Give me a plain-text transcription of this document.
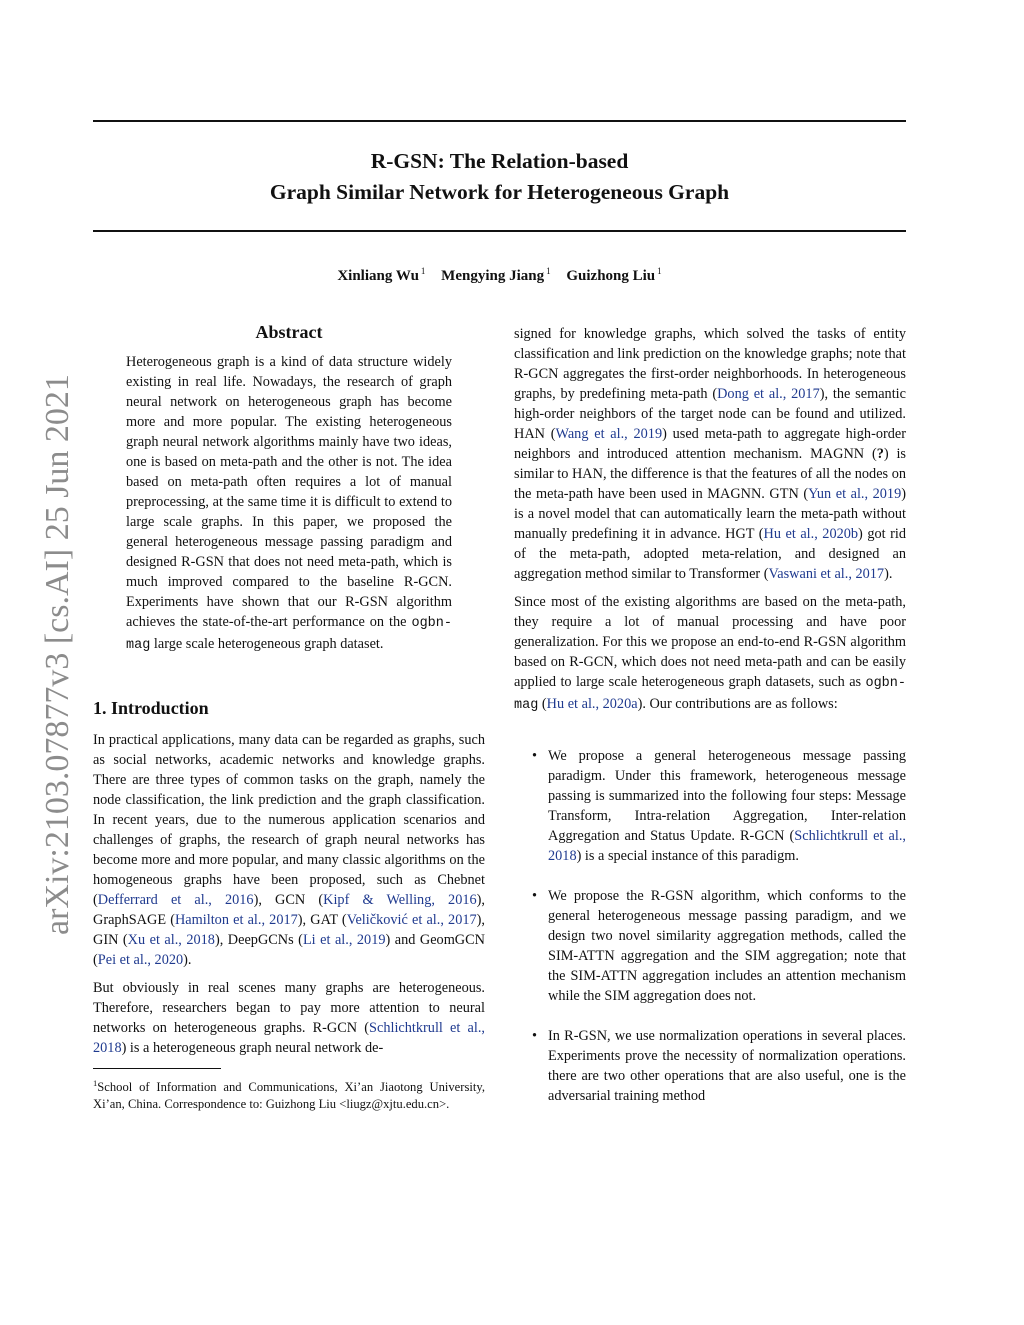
R-GSN: The Relation-based
Graph Similar Network for Heterogeneous Graph
Xinliang Wu $^1$ Mengying Jiang $^1$ Guizhong Liu $^1$
arXiv:2103.07877v3 [cs.AI] 25 Jun 2021
Abstract

Heterogeneous graph is a kind of data structure widely existing in real life. Nowadays, the research of graph neural network on heterogeneous graph has become more and more popular. The existing heterogeneous graph neural network algorithms mainly have two ideas, one is based on meta-path and the other is not. The idea based on meta-path often requires a lot of manual preprocessing, at the same time it is difficult to extend to large scale graphs. In this paper, we proposed the general heterogeneous message passing paradigm and designed R-GSN that does not need meta-path, which is much improved compared to the baseline R-GCN. Experiments have shown that our R-GSN algorithm achieves the state-of-the-art performance on the ogbn-mag large scale heterogeneous graph dataset.

1. Introduction

In practical applications, many data can be regarded as graphs, such as social networks, academic networks and knowledge graphs. There are three types of common tasks on the graph, namely the node classification, the link prediction and the graph classification. In recent years, due to the numerous application scenarios and challenges of graphs, the research of graph neural networks has become more and more popular, and many classic algorithms on the homogeneous graphs have been proposed, such as Chebnet (Defferrard et al., 2016), GCN (Kipf & Welling, 2016), GraphSAGE (Hamilton et al., 2017), GAT (Veličković et al., 2017), GIN (Xu et al., 2018), DeepGCNs (Li et al., 2019) and GeomGCN (Pei et al., 2020).

But obviously in real scenes many graphs are heterogeneous. Therefore, researchers began to pay more attention to neural networks on heterogeneous graphs. R-GCN (Schlichtkrull et al., 2018) is a heterogeneous graph neural network de-

$^1$School of Information and Communications, Xi’an Jiaotong University, Xi’an, China. Correspondence to: Guizhong Liu <liugz@xjtu.edu.cn>.

signed for knowledge graphs, which solved the tasks of entity classification and link prediction on the knowledge graphs; note that R-GCN aggregates the first-order neighborhoods. In heterogeneous graphs, by predefining meta-path (Dong et al., 2017), the semantic high-order neighbors of the target node can be found and utilized. HAN (Wang et al., 2019) used meta-path to aggregate high-order neighbors and introduced attention mechanism. MAGNN (?) is similar to HAN, the difference is that the features of all the nodes on the meta-path have been used in MAGNN. GTN (Yun et al., 2019) is a novel model that can automatically learn the meta-path without manually predefining it in advance. HGT (Hu et al., 2020b) got rid of the meta-path, adopted meta-relation, and designed an aggregation method similar to Transformer (Vaswani et al., 2017).

Since most of the existing algorithms are based on the meta-path, they require a lot of manual processing and have poor generalization. For this we propose an end-to-end R-GSN algorithm based on R-GCN, which does not need meta-path and can be easily applied to large scale heterogeneous graph datasets, such as ogbn-mag (Hu et al., 2020a). Our contributions are as follows:

• We propose a general heterogeneous message passing paradigm. Under this framework, heterogeneous message passing is summarized into the following four steps: Message Transform, Intra-relation Aggregation, Inter-relation Aggregation and Status Update. R-GCN (Schlichtkrull et al., 2018) is a special instance of this paradigm.
• We propose the R-GSN algorithm, which conforms to the general heterogeneous message passing paradigm, and we design two novel similarity aggregation methods, called the SIM-ATTN aggregation and the SIM aggregation; note that the SIM-ATTN aggregation includes an attention mechanism while the SIM aggregation does not.
• In R-GSN, we use normalization operations in several places. Experiments prove the necessity of normalization operations. there are two other operations that are also useful, one is the adversarial training method
